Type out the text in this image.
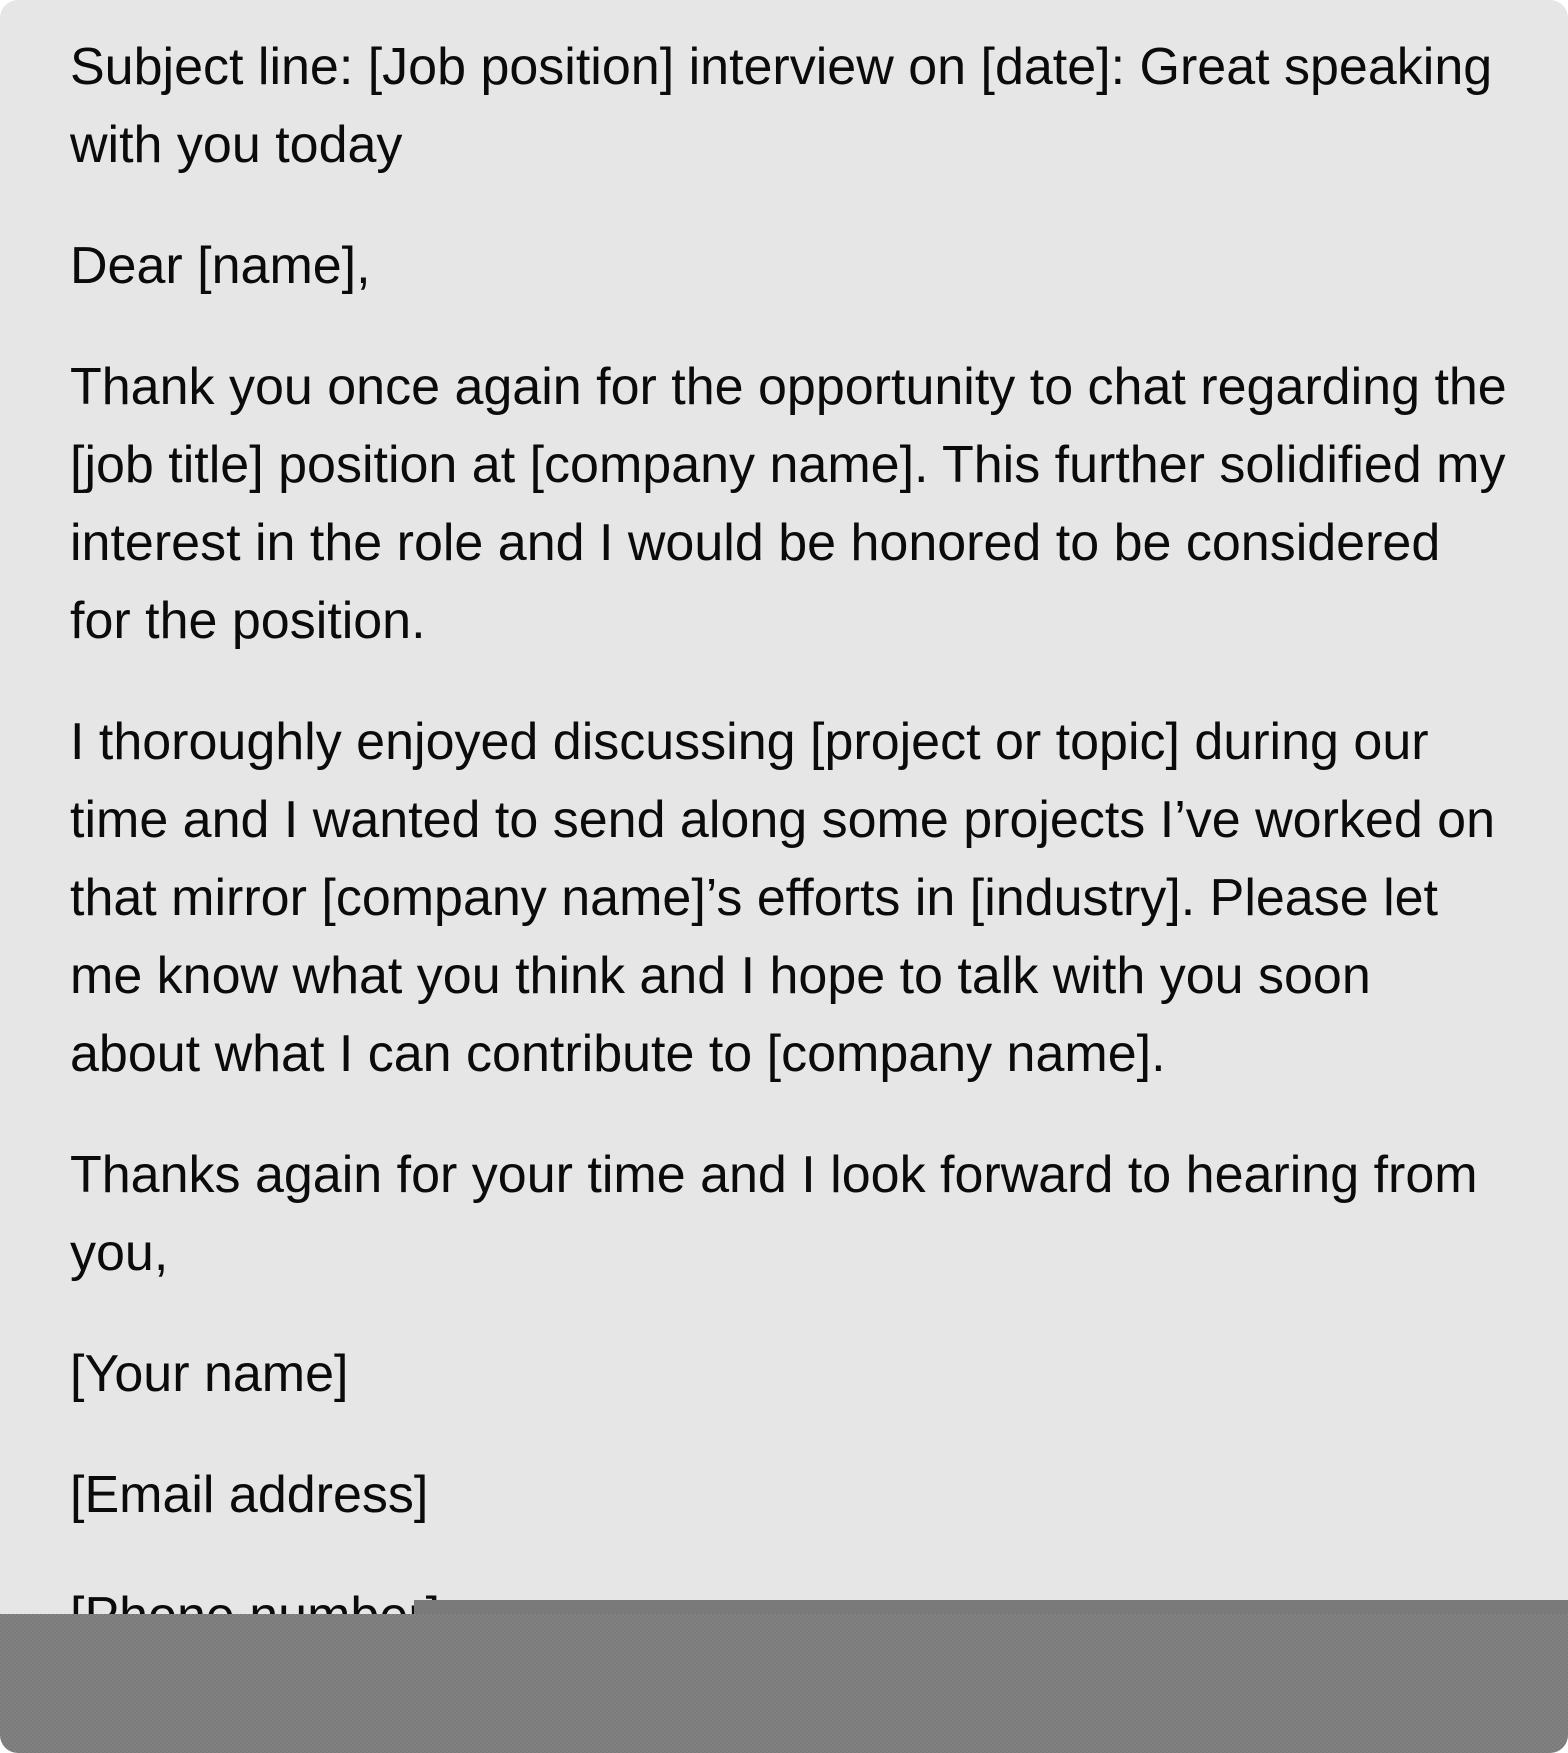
Subject line: [Job position] interview on [date]: Great speaking with you today

Dear [name],

Thank you once again for the opportunity to chat regarding the [job title] position at [company name]. This further solidified my interest in the role and I would be honored to be considered for the position.

I thoroughly enjoyed discussing [project or topic] during our time and I wanted to send along some projects I’ve worked on that mirror [company name]’s efforts in [industry]. Please let me know what you think and I hope to talk with you soon about what I can contribute to [company name].

Thanks again for your time and I look forward to hearing from you,

[Your name]

[Email address]
